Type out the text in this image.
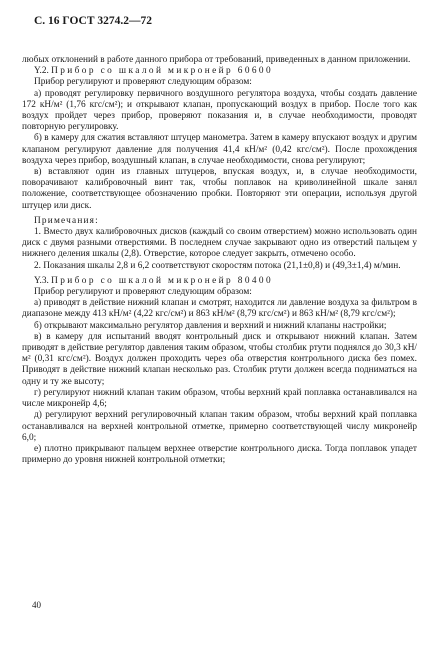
С. 16 ГОСТ 3274.2—72

любых отклонений в работе данного прибора от требований, приведенных в данном приложении.

Y.2. Прибор со шкалой микронейр 60600

Прибор регулируют и проверяют следующим образом:

а) проводят регулировку первичного воздушного регулятора воздуха, чтобы создать давление 172 кН/м² (1,76 кгс/см²); и открывают клапан, пропускающий воздух в прибор. После того как воздух пройдет через прибор, проверяют показания и, в случае необходимости, проводят повторную регулировку.

б) в камеру для сжатия вставляют штуцер манометра. Затем в камеру впускают воздух и другим клапаном регулируют давление для получения 41,4 кН/м² (0,42 кгс/см²). После прохождения воздуха через прибор, воздушный клапан, в случае необходимости, снова регулируют;

в) вставляют один из главных штуцеров, впуская воздух, и, в случае необходимости, поворачивают калибровочный винт так, чтобы поплавок на криволинейной шкале занял положение, соответствующее обозначению пробки. Повторяют эти операции, используя другой штуцер или диск.

Примечания:

1. Вместо двух калибровочных дисков (каждый со своим отверстием) можно использовать один диск с двумя разными отверстиями. В последнем случае закрывают одно из отверстий пальцем у нижнего деления шкалы (2,8). Отверстие, которое следует закрыть, отмечено особо.

2. Показания шкалы 2,8 и 6,2 соответствуют скоростям потока (21,1±0,8) и (49,3±1,4) м/мин.

Y.3. Прибор со шкалой микронейр 80400

Прибор регулируют и проверяют следующим образом:

а) приводят в действие нижний клапан и смотрят, находится ли давление воздуха за фильтром в диапазоне между 413 кН/м² (4,22 кгс/см²) и 863 кН/м² (8,79 кгс/см²) и 863 кН/м² (8,79 кгс/см²);

б) открывают максимально регулятор давления и верхний и нижний клапаны настройки;

в) в камеру для испытаний вводят контрольный диск и открывают нижний клапан. Затем приводят в действие регулятор давления таким образом, чтобы столбик ртути поднялся до 30,3 кН/м² (0,31 кгс/см²). Воздух должен проходить через оба отверстия контрольного диска без помех. Приводят в действие нижний клапан несколько раз. Столбик ртути должен всегда подниматься на одну и ту же высоту;

г) регулируют нижний клапан таким образом, чтобы верхний край поплавка останавливался на числе микронейр 4,6;

д) регулируют верхний регулировочный клапан таким образом, чтобы верхний край поплавка останавливался на верхней контрольной отметке, примерно соответствующей числу микронейр 6,0;

е) плотно прикрывают пальцем верхнее отверстие контрольного диска. Тогда поплавок упадет примерно до уровня нижней контрольной отметки;

40
